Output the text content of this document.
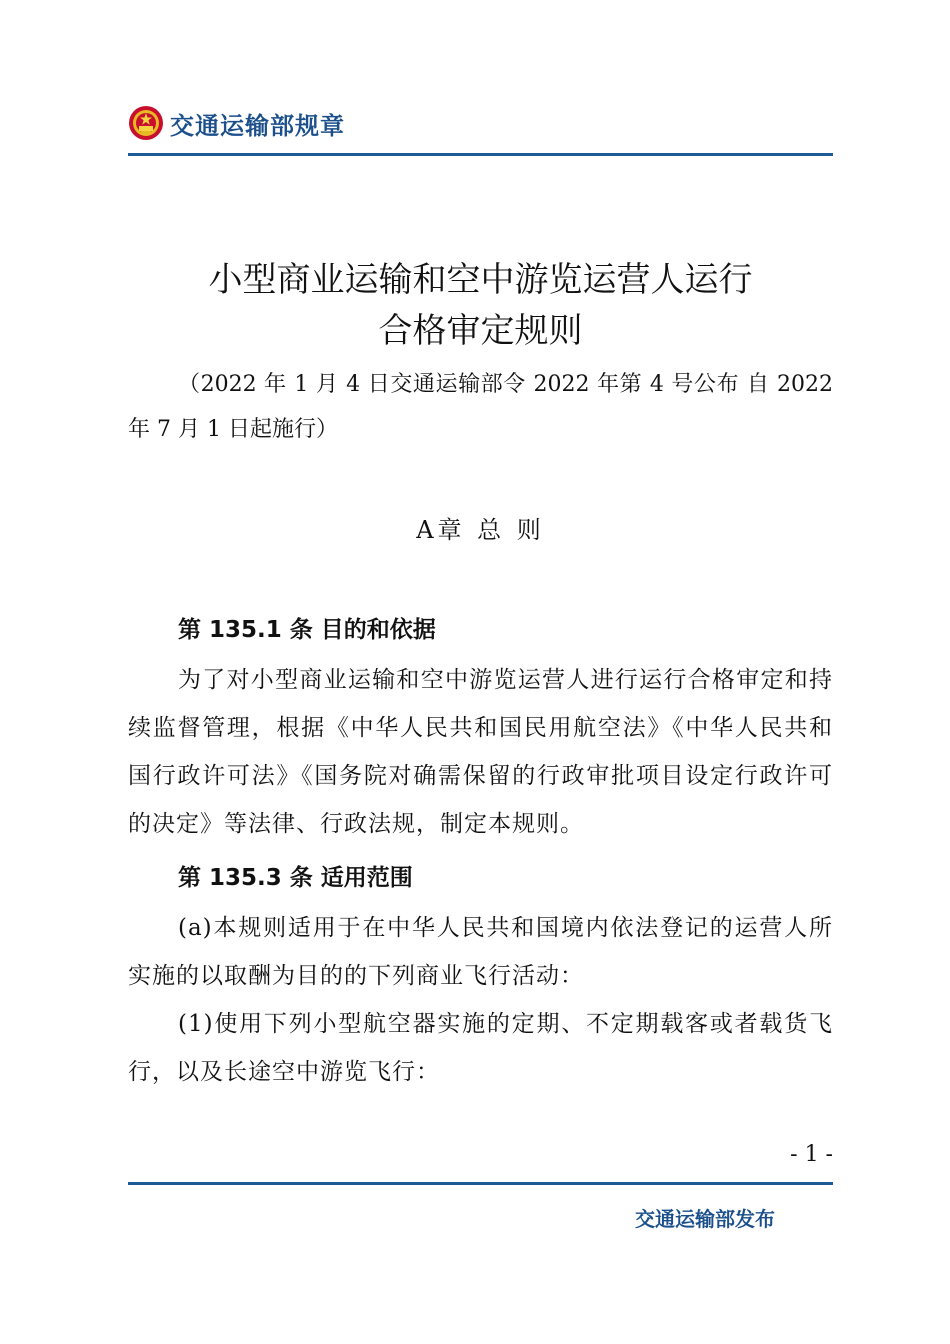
交通运输部规章
小型商业运输和空中游览运营人运行
合格审定规则
（2022 年 1 月 4 日交通运输部令 2022 年第 4 号公布 自 2022 年 7 月 1 日起施行）
A章 总 则
第 135.1 条 目的和依据
为了对小型商业运输和空中游览运营人进行运行合格审定和持续监督管理，根据《中华人民共和国民用航空法》《中华人民共和国行政许可法》《国务院对确需保留的行政审批项目设定行政许可的决定》等法律、行政法规，制定本规则。
第 135.3 条 适用范围
(a)本规则适用于在中华人民共和国境内依法登记的运营人所实施的以取酬为目的的下列商业飞行活动：
(1)使用下列小型航空器实施的定期、不定期载客或者载货飞行，以及长途空中游览飞行：
- 1 -
交通运输部发布
